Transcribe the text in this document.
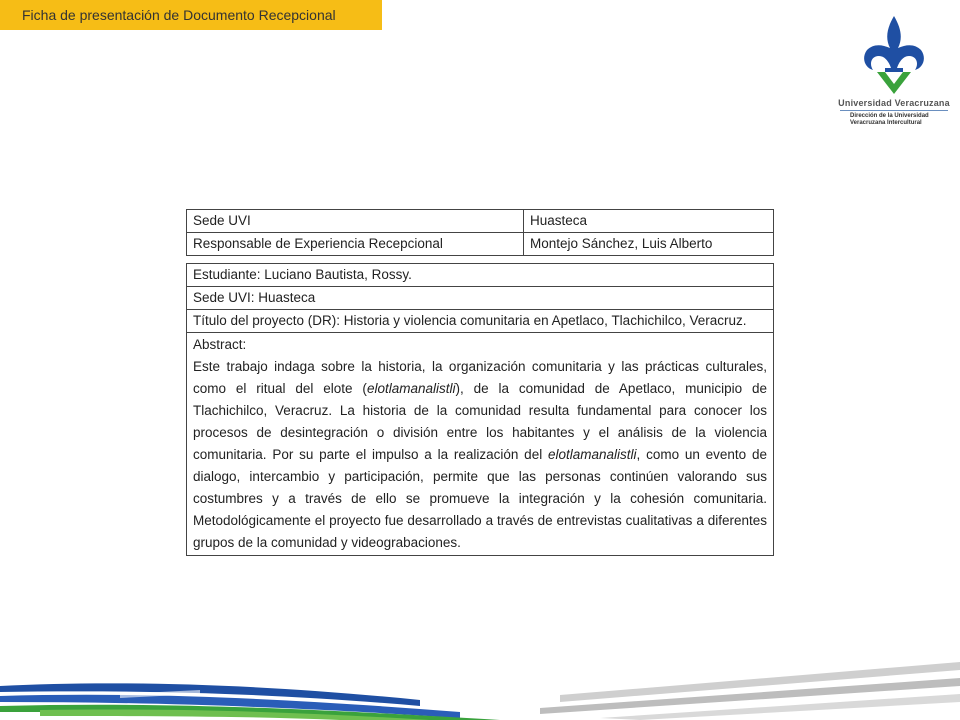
Ficha de presentación de Documento Recepcional
Universidad Veracruzana
Dirección de la Universidad
Veracruzana Intercultural
Sede UVI	Huasteca
Responsable de Experiencia Recepcional	Montejo Sánchez, Luis Alberto
Estudiante: Luciano Bautista, Rossy.
Sede UVI: Huasteca
Título del proyecto (DR): Historia y violencia comunitaria en Apetlaco, Tlachichilco, Veracruz.

Abstract:
Este trabajo indaga sobre la historia, la organización comunitaria y las prácticas culturales, como el ritual del elote (elotlamanalistli), de la comunidad de Apetlaco, municipio de Tlachichilco, Veracruz. La historia de la comunidad resulta fundamental para conocer los procesos de desintegración o división entre los habitantes y el análisis de la violencia comunitaria. Por su parte el impulso a la realización del elotlamanalistli, como un evento de dialogo, intercambio y participación, permite que las personas continúen valorando sus costumbres y a través de ello se promueve la integración y la cohesión comunitaria. Metodológicamente el proyecto fue desarrollado a través de entrevistas cualitativas a diferentes grupos de la comunidad y videograbaciones.
